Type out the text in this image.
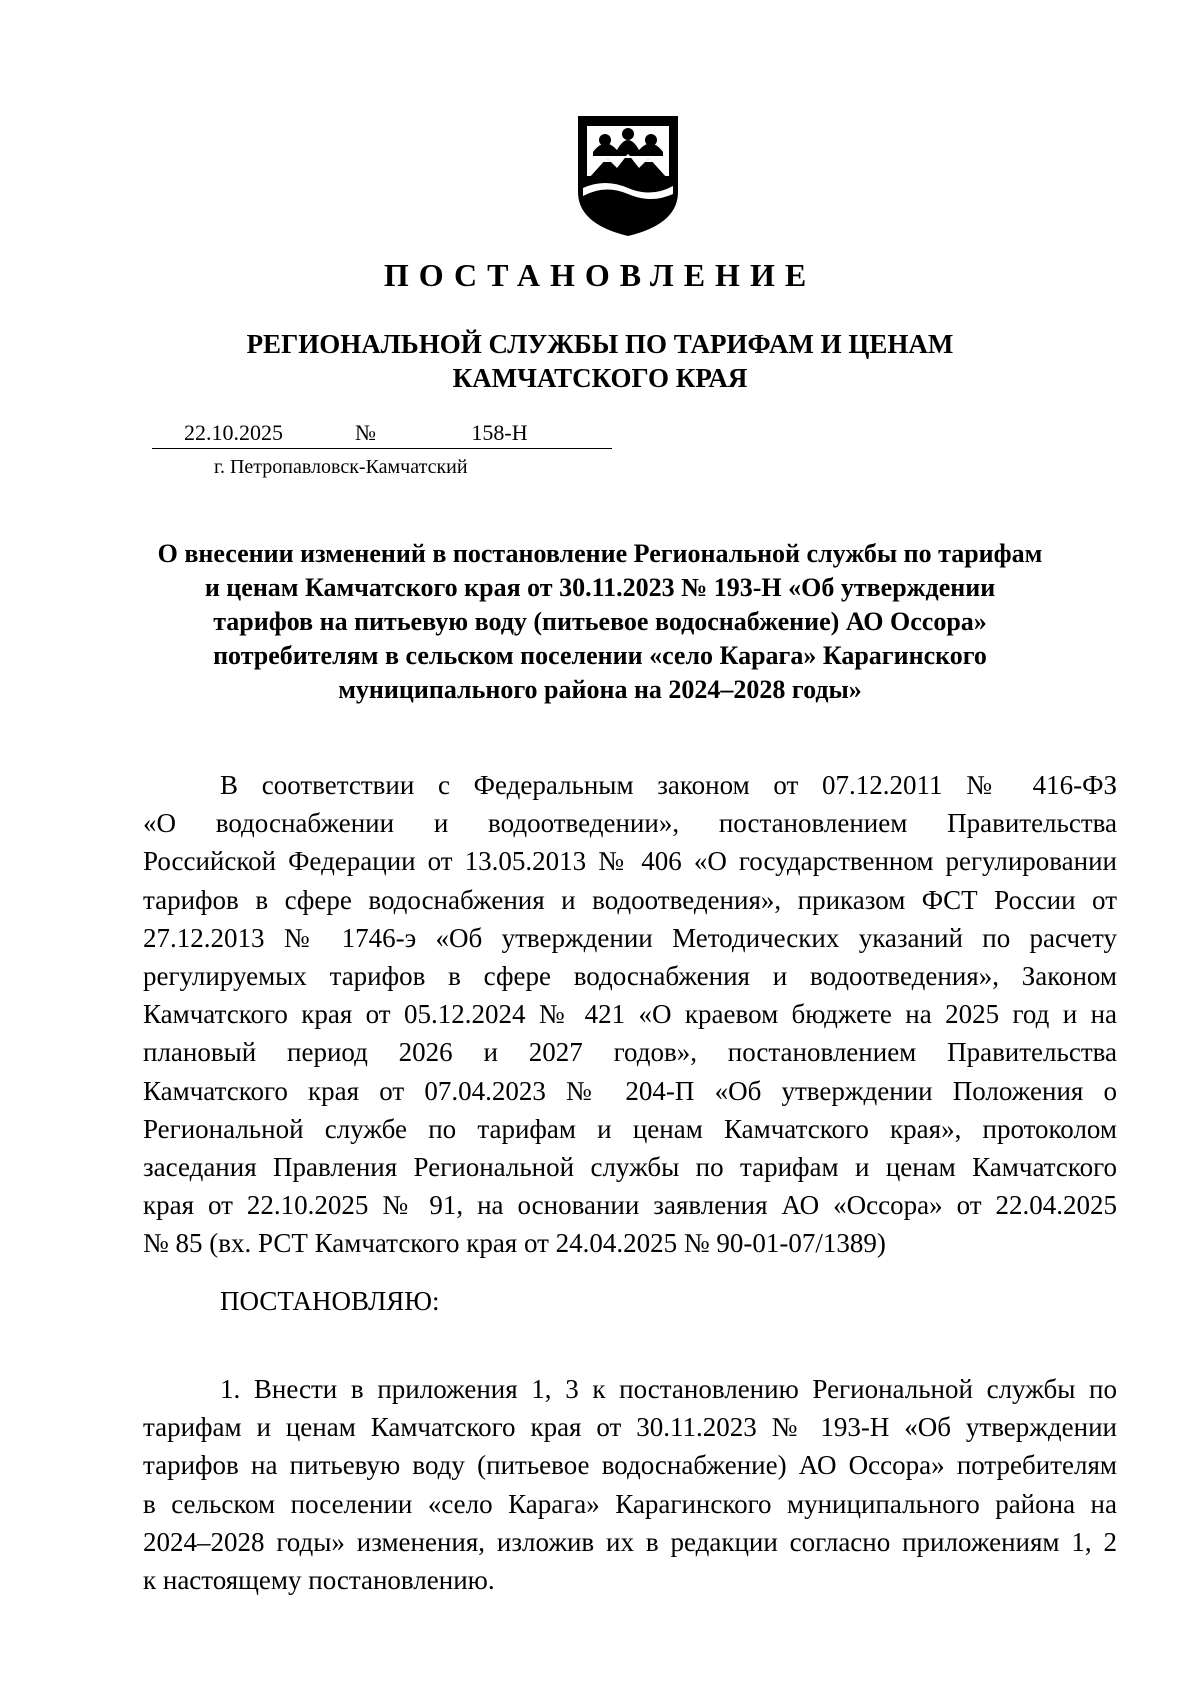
ПОСТАНОВЛЕНИЕ
РЕГИОНАЛЬНОЙ СЛУЖБЫ ПО ТАРИФАМ И ЦЕНАМ
КАМЧАТСКОГО КРАЯ
22.10.2025	№	158-Н
г. Петропавловск-Камчатский
О внесении изменений в постановление Региональной службы по тарифам
и ценам Камчатского края от 30.11.2023 № 193-Н «Об утверждении
тарифов на питьевую воду (питьевое водоснабжение) АО Оссора»
потребителям в сельском поселении «село Карага» Карагинского
муниципального района на 2024–2028 годы»
В соответствии с Федеральным законом от 07.12.2011 № 416-ФЗ
«О водоснабжении и водоотведении», постановлением Правительства
Российской Федерации от 13.05.2013 № 406 «О государственном регулировании
тарифов в сфере водоснабжения и водоотведения», приказом ФСТ России от
27.12.2013 № 1746-э «Об утверждении Методических указаний по расчету
регулируемых тарифов в сфере водоснабжения и водоотведения», Законом
Камчатского края от 05.12.2024 № 421 «О краевом бюджете на 2025 год и на
плановый период 2026 и 2027 годов», постановлением Правительства
Камчатского края от 07.04.2023 № 204-П «Об утверждении Положения о
Региональной службе по тарифам и ценам Камчатского края», протоколом
заседания Правления Региональной службы по тарифам и ценам Камчатского
края от 22.10.2025 № 91, на основании заявления АО «Оссора» от 22.04.2025
№ 85 (вх. РСТ Камчатского края от 24.04.2025 № 90-01-07/1389)
ПОСТАНОВЛЯЮ:
1. Внести в приложения 1, 3 к постановлению Региональной службы по
тарифам и ценам Камчатского края от 30.11.2023 № 193-Н «Об утверждении
тарифов на питьевую воду (питьевое водоснабжение) АО Оссора» потребителям
в сельском поселении «село Карага» Карагинского муниципального района на
2024–2028 годы» изменения, изложив их в редакции согласно приложениям 1, 2
к настоящему постановлению.
